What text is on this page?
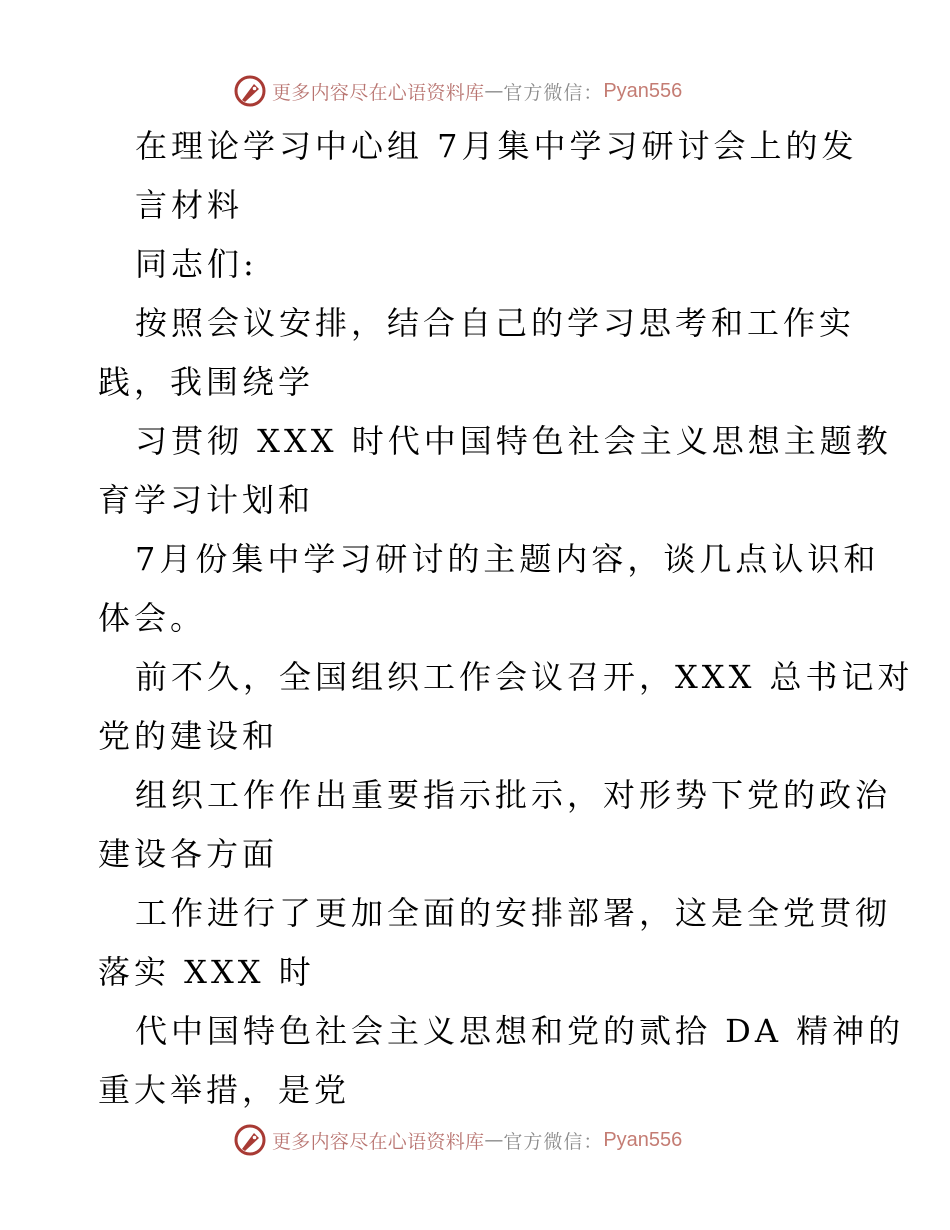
更多内容尽在心语资料库 — 官方微信： Pyan556
在理论学习中心组 7月集中学习研讨会上的发
言材料
同志们:
按照会议安排，结合自己的学习思考和工作实
践，我围绕学
习贯彻 XXX 时代中国特色社会主义思想主题教
育学习计划和
7月份集中学习研讨的主题内容，谈几点认识和
体会。
前不久，全国组织工作会议召开，XXX 总书记对
党的建设和
组织工作作出重要指示批示，对形势下党的政治
建设各方面
工作进行了更加全面的安排部署，这是全党贯彻
落实 XXX 时
代中国特色社会主义思想和党的贰拾 DA 精神的
重大举措，是党
更多内容尽在心语资料库 — 官方微信： Pyan556
